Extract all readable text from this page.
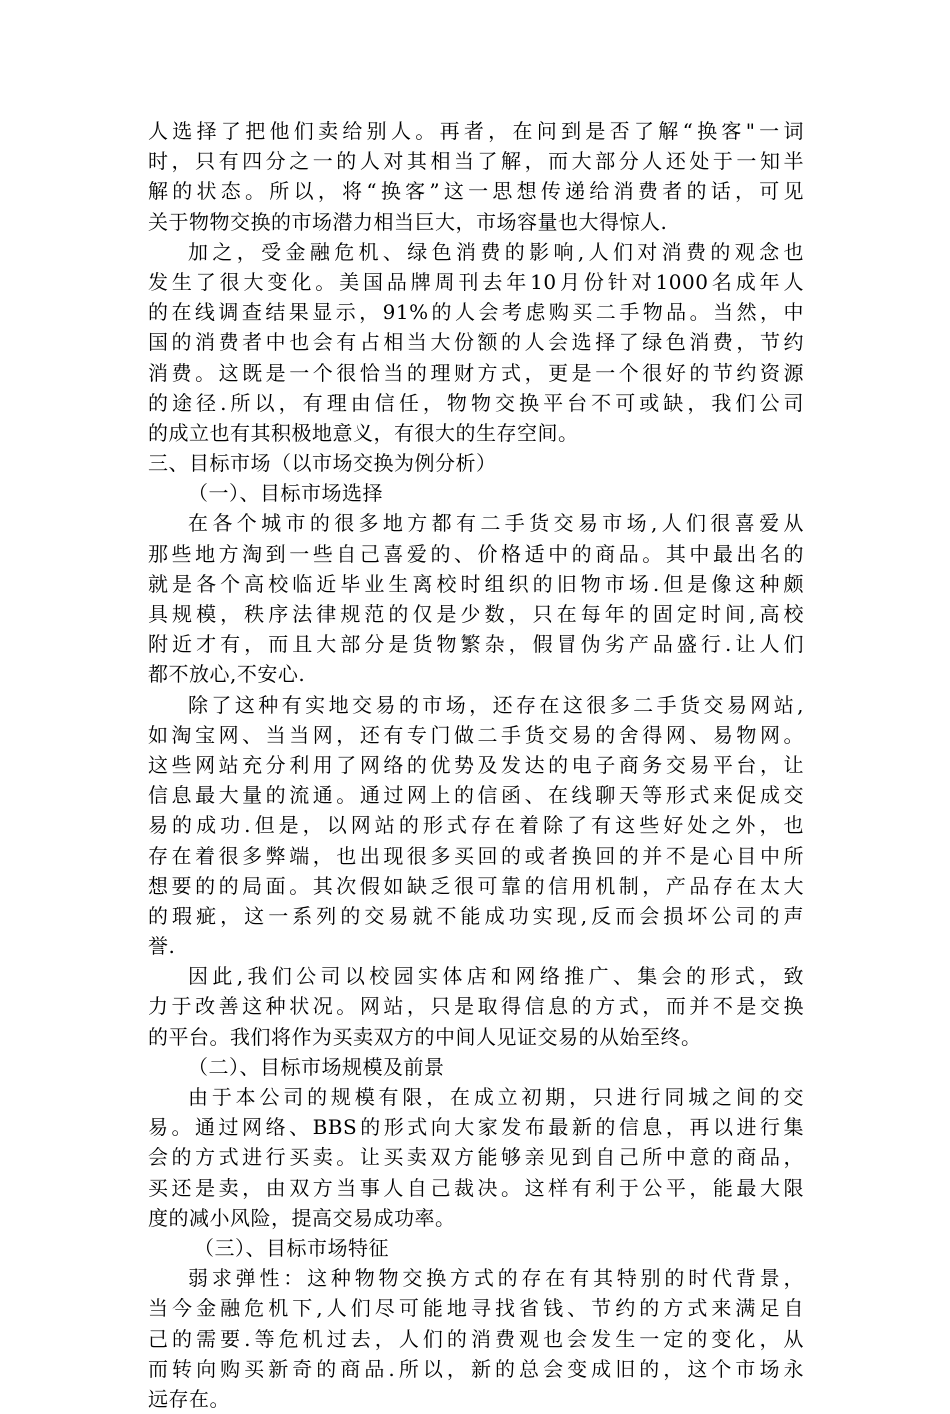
人选择了把他们卖给别人。再者，在问到是否了解“换客"一词
时，只有四分之一的人对其相当了解，而大部分人还处于一知半
解的状态。所以，将“换客”这一思想传递给消费者的话，可见
关于物物交换的市场潜力相当巨大，市场容量也大得惊人.
加之，受金融危机、绿色消费的影响,人们对消费的观念也
发生了很大变化。美国品牌周刊去年10月份针对1000名成年人
的在线调查结果显示，91%的人会考虑购买二手物品。当然，中
国的消费者中也会有占相当大份额的人会选择了绿色消费，节约
消费。这既是一个很恰当的理财方式，更是一个很好的节约资源
的途径.所以，有理由信任，物物交换平台不可或缺，我们公司
的成立也有其积极地意义，有很大的生存空间。
三、目标市场（以市场交换为例分析）
（一）、目标市场选择
在各个城市的很多地方都有二手货交易市场,人们很喜爱从
那些地方淘到一些自己喜爱的、价格适中的商品。其中最出名的
就是各个高校临近毕业生离校时组织的旧物市场.但是像这种颇
具规模，秩序法律规范的仅是少数，只在每年的固定时间,高校
附近才有，而且大部分是货物繁杂，假冒伪劣产品盛行.让人们
都不放心,不安心.
除了这种有实地交易的市场，还存在这很多二手货交易网站,
如淘宝网、当当网，还有专门做二手货交易的舍得网、易物网。
这些网站充分利用了网络的优势及发达的电子商务交易平台，让
信息最大量的流通。通过网上的信函、在线聊天等形式来促成交
易的成功.但是，以网站的形式存在着除了有这些好处之外，也
存在着很多弊端，也出现很多买回的或者换回的并不是心目中所
想要的的局面。其次假如缺乏很可靠的信用机制，产品存在太大
的瑕疵，这一系列的交易就不能成功实现,反而会损坏公司的声
誉.
因此,我们公司以校园实体店和网络推广、集会的形式，致
力于改善这种状况。网站，只是取得信息的方式，而并不是交换
的平台。我们将作为买卖双方的中间人见证交易的从始至终。
（二）、目标市场规模及前景
由于本公司的规模有限，在成立初期，只进行同城之间的交
易。通过网络、BBS的形式向大家发布最新的信息，再以进行集
会的方式进行买卖。让买卖双方能够亲见到自己所中意的商品，
买还是卖，由双方当事人自己裁决。这样有利于公平，能最大限
度的减小风险，提高交易成功率。
（三）、目标市场特征
弱求弹性：这种物物交换方式的存在有其特别的时代背景，
当今金融危机下,人们尽可能地寻找省钱、节约的方式来满足自
己的需要.等危机过去，人们的消费观也会发生一定的变化，从
而转向购买新奇的商品.所以，新的总会变成旧的，这个市场永
远存在。
